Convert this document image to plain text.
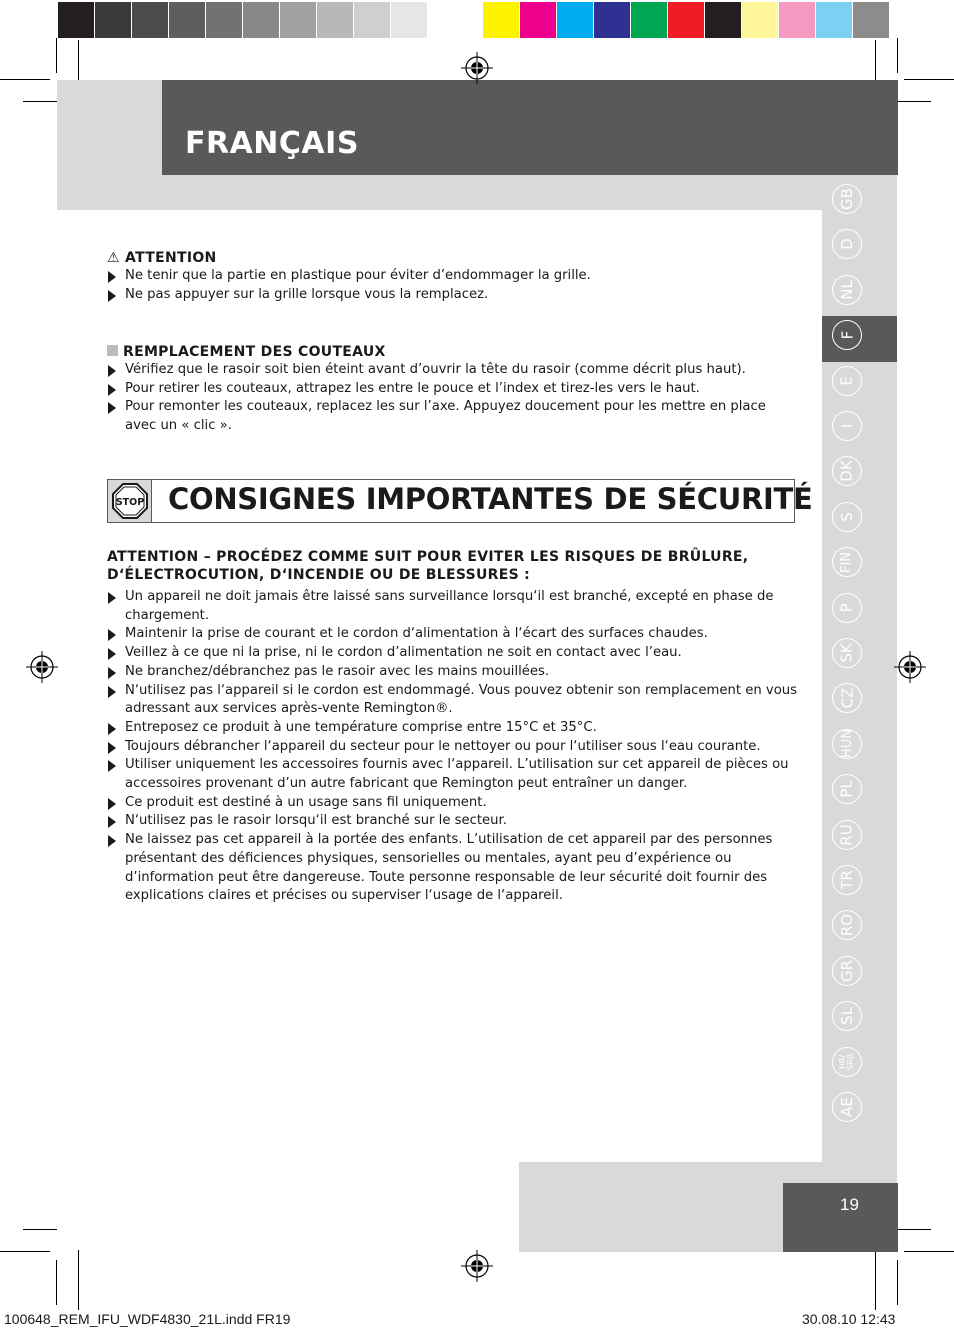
FRANÇAIS
GB
D
NL
F
E
I
DK
S
FIN
P
SK
CZ
HUN
PL
RU
TR
RO
GR
SL
HR/
SRB
AE
19
⚠ ATTENTION
Ne tenir que la partie en plastique pour éviter d’endommager la grille.
Ne pas appuyer sur la grille lorsque vous la remplacez.
REMPLACEMENT DES COUTEAUX
Vérifiez que le rasoir soit bien éteint avant d’ouvrir la tête du rasoir (comme décrit plus haut).
Pour retirer les couteaux, attrapez les entre le pouce et l’index et tirez-les vers le haut.
Pour remonter les couteaux, replacez les sur l’axe. Appuyez doucement pour les mettre en place avec un « clic ».
STOP CONSIGNES IMPORTANTES DE SÉCURITÉ
ATTENTION – PROCÉDEZ COMME SUIT POUR EVITER LES RISQUES DE BRÛLURE, D‘ÉLECTROCUTION, D‘INCENDIE OU DE BLESSURES :
Un appareil ne doit jamais être laissé sans surveillance lorsqu‘il est branché, excepté en phase de chargement.
Maintenir la prise de courant et le cordon d‘alimentation à l‘écart des surfaces chaudes.
Veillez à ce que ni la prise, ni le cordon d’alimentation ne soit en contact avec l’eau.
Ne branchez/débranchez pas le rasoir avec les mains mouillées.
N‘utilisez pas l‘appareil si le cordon est endommagé. Vous pouvez obtenir son remplacement en vous adressant aux services après-vente Remington®.
Entreposez ce produit à une température comprise entre 15°C et 35°C.
Toujours débrancher l‘appareil du secteur pour le nettoyer ou pour l‘utiliser sous l‘eau courante.
Utiliser uniquement les accessoires fournis avec l‘appareil. L’utilisation sur cet appareil de pièces ou accessoires provenant d’un autre fabricant que Remington peut entraîner un danger.
Ce produit est destiné à un usage sans fil uniquement.
N‘utilisez pas le rasoir lorsqu‘il est branché sur le secteur.
Ne laissez pas cet appareil à la portée des enfants. L’utilisation de cet appareil par des personnes présentant des déficiences physiques, sensorielles ou mentales, ayant peu d’expérience ou d’information peut être dangereuse. Toute personne responsable de leur sécurité doit fournir des explications claires et précises ou superviser l‘usage de l‘appareil.
100648_REM_IFU_WDF4830_21L.indd FR19	30.08.10 12:43
